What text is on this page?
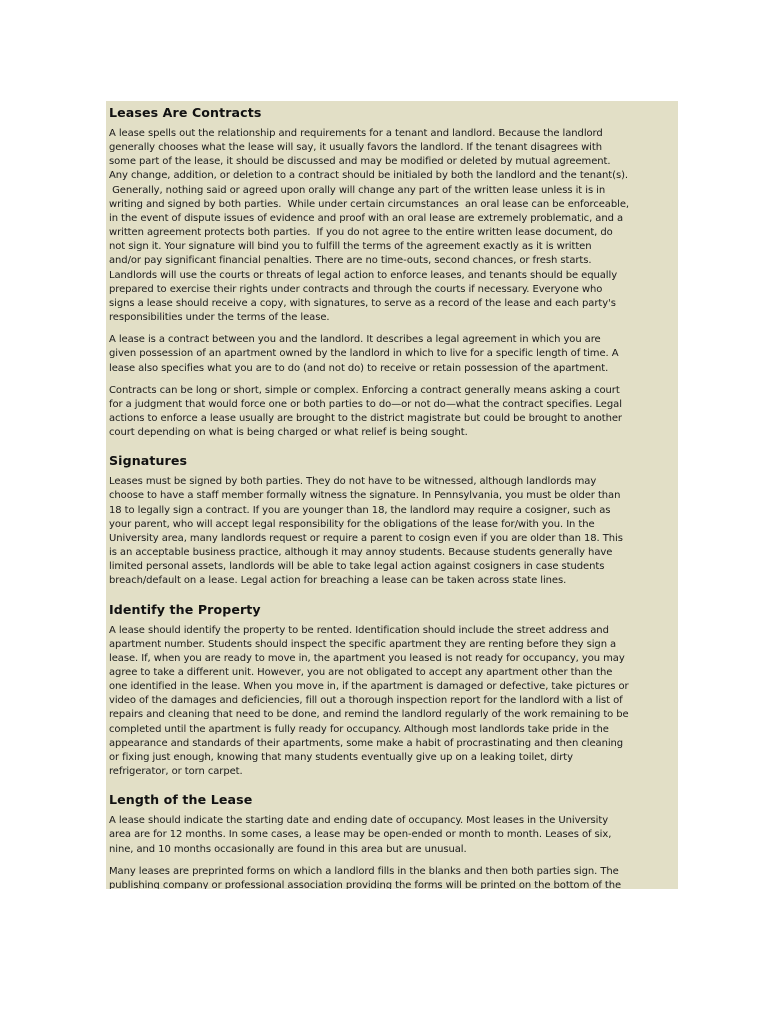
Leases Are Contracts

A lease spells out the relationship and requirements for a tenant and landlord. Because the landlord
generally chooses what the lease will say, it usually favors the landlord. If the tenant disagrees with
some part of the lease, it should be discussed and may be modified or deleted by mutual agreement.
Any change, addition, or deletion to a contract should be initialed by both the landlord and the tenant(s).
Generally, nothing said or agreed upon orally will change any part of the written lease unless it is in
writing and signed by both parties.  While under certain circumstances  an oral lease can be enforceable,
in the event of dispute issues of evidence and proof with an oral lease are extremely problematic, and a
written agreement protects both parties.  If you do not agree to the entire written lease document, do
not sign it. Your signature will bind you to fulfill the terms of the agreement exactly as it is written
and/or pay significant financial penalties. There are no time-outs, second chances, or fresh starts.
Landlords will use the courts or threats of legal action to enforce leases, and tenants should be equally
prepared to exercise their rights under contracts and through the courts if necessary. Everyone who
signs a lease should receive a copy, with signatures, to serve as a record of the lease and each party's
responsibilities under the terms of the lease.

A lease is a contract between you and the landlord. It describes a legal agreement in which you are
given possession of an apartment owned by the landlord in which to live for a specific length of time. A
lease also specifies what you are to do (and not do) to receive or retain possession of the apartment.

Contracts can be long or short, simple or complex. Enforcing a contract generally means asking a court
for a judgment that would force one or both parties to do—or not do—what the contract specifies. Legal
actions to enforce a lease usually are brought to the district magistrate but could be brought to another
court depending on what is being charged or what relief is being sought.

Signatures

Leases must be signed by both parties. They do not have to be witnessed, although landlords may
choose to have a staff member formally witness the signature. In Pennsylvania, you must be older than
18 to legally sign a contract. If you are younger than 18, the landlord may require a cosigner, such as
your parent, who will accept legal responsibility for the obligations of the lease for/with you. In the
University area, many landlords request or require a parent to cosign even if you are older than 18. This
is an acceptable business practice, although it may annoy students. Because students generally have
limited personal assets, landlords will be able to take legal action against cosigners in case students
breach/default on a lease. Legal action for breaching a lease can be taken across state lines.

Identify the Property

A lease should identify the property to be rented. Identification should include the street address and
apartment number. Students should inspect the specific apartment they are renting before they sign a
lease. If, when you are ready to move in, the apartment you leased is not ready for occupancy, you may
agree to take a different unit. However, you are not obligated to accept any apartment other than the
one identified in the lease. When you move in, if the apartment is damaged or defective, take pictures or
video of the damages and deficiencies, fill out a thorough inspection report for the landlord with a list of
repairs and cleaning that need to be done, and remind the landlord regularly of the work remaining to be
completed until the apartment is fully ready for occupancy. Although most landlords take pride in the
appearance and standards of their apartments, some make a habit of procrastinating and then cleaning
or fixing just enough, knowing that many students eventually give up on a leaking toilet, dirty
refrigerator, or torn carpet.

Length of the Lease

A lease should indicate the starting date and ending date of occupancy. Most leases in the University
area are for 12 months. In some cases, a lease may be open-ended or month to month. Leases of six,
nine, and 10 months occasionally are found in this area but are unusual.

Many leases are preprinted forms on which a landlord fills in the blanks and then both parties sign. The
publishing company or professional association providing the forms will be printed on the bottom of the
